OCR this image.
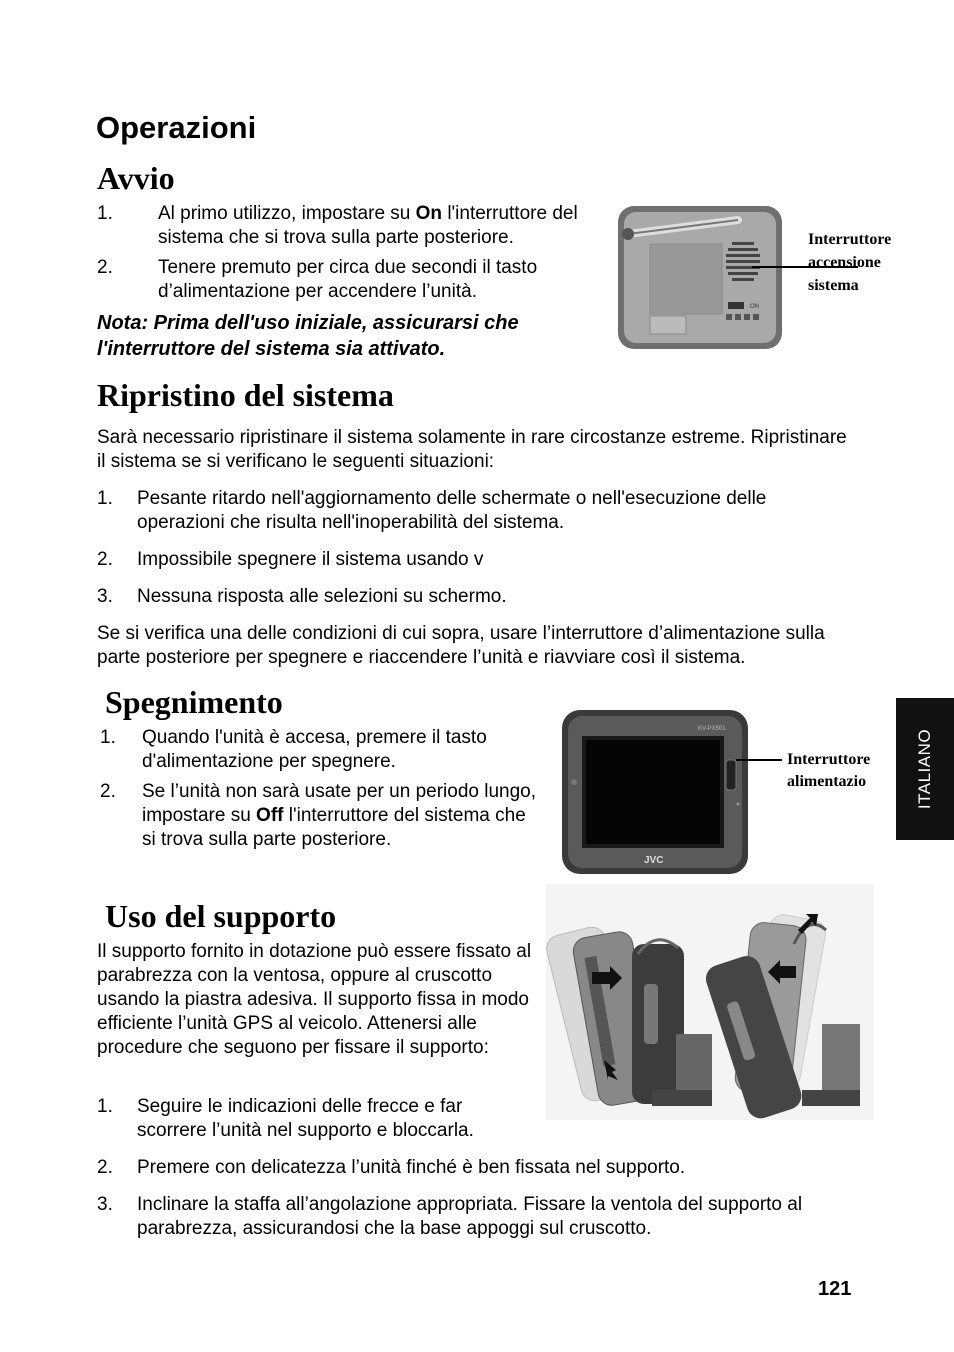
Operazioni
Avvio
1. Al primo utilizzo, impostare su On l'interruttore del sistema che si trova sulla parte posteriore.
2. Tenere premuto per circa due secondi il tasto d’alimentazione per accendere l’unità.
Nota: Prima dell'uso iniziale, assicurarsi che l'interruttore del sistema sia attivato.
ON
Interruttore
accensione
sistema
Ripristino del sistema
Sarà necessario ripristinare il sistema solamente in rare circostanze estreme. Ripristinare il sistema se si verificano le seguenti situazioni:
1. Pesante ritardo nell'aggiornamento delle schermate o nell'esecuzione delle operazioni che risulta nell'inoperabilità del sistema.
2. Impossibile spegnere il sistema usando v
3. Nessuna risposta alle selezioni su schermo.
Se si verifica una delle condizioni di cui sopra, usare l’interruttore d’alimentazione sulla parte posteriore per spegnere e riaccendere l’unità e riavviare così il sistema.
Spegnimento
1. Quando l'unità è accesa, premere il tasto d'alimentazione per spegnere.
2. Se l’unità non sarà usate per un periodo lungo, impostare su Off l'interruttore del sistema che si trova sulla parte posteriore.
KV-PX501
JVC
Interruttore
alimentazio	ITALIANO
Uso del supporto
Il supporto fornito in dotazione può essere fissato al parabrezza con la ventosa, oppure al cruscotto usando la piastra adesiva. Il supporto fissa in modo efficiente l’unità GPS al veicolo. Attenersi alle procedure che seguono per fissare il supporto:
1. Seguire le indicazioni delle frecce e far scorrere l’unità nel supporto e bloccarla.
2. Premere con delicatezza l’unità finché è ben fissata nel supporto.
3. Inclinare la staffa all’angolazione appropriata. Fissare la ventola del supporto al parabrezza, assicurandosi che la base appoggi sul cruscotto.
121
